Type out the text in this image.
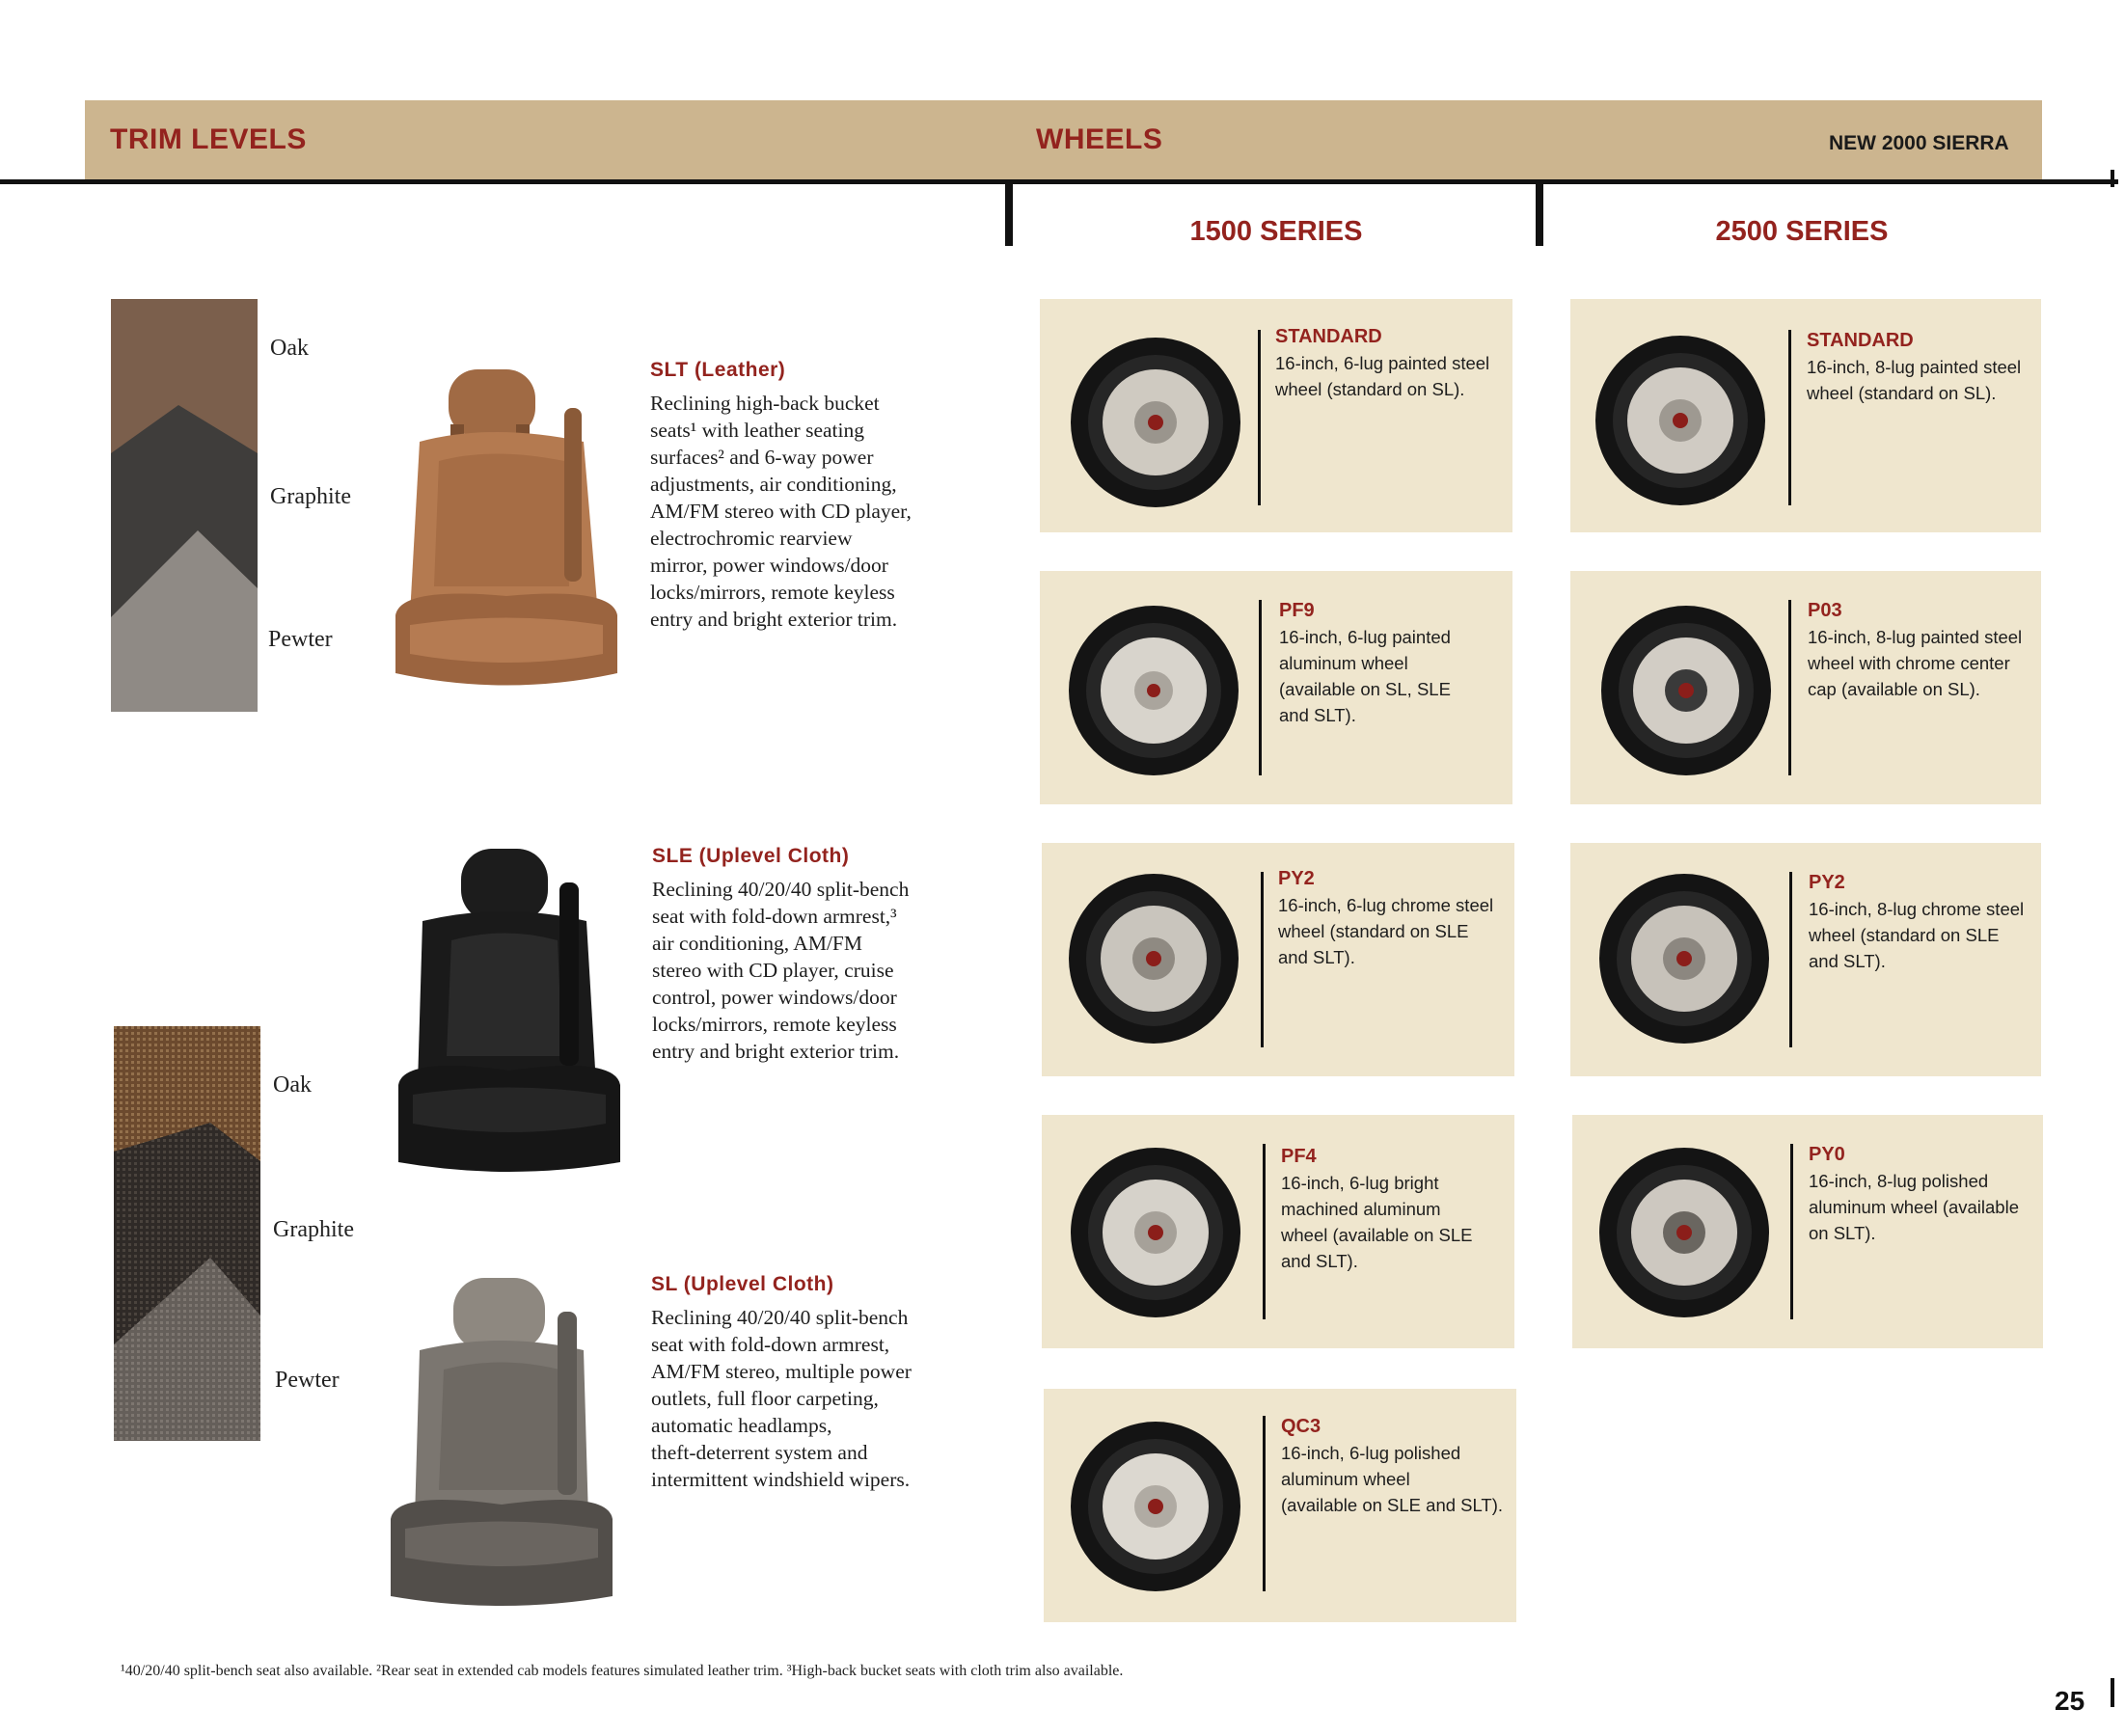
TRIM LEVELS	WHEELS	NEW 2000 SIERRA
1500 SERIES	2500 SERIES
Oak
Graphite
Pewter
Oak
Graphite
Pewter
SLT (Leather)
Reclining high-back bucket
seats¹ with leather seating
surfaces² and 6-way power
adjustments, air conditioning,
AM/FM stereo with CD player,
electrochromic rearview
mirror, power windows/door
locks/mirrors, remote keyless
entry and bright exterior trim.
SLE (Uplevel Cloth)
Reclining 40/20/40 split-bench
seat with fold-down armrest,³
air conditioning, AM/FM
stereo with CD player, cruise
control, power windows/door
locks/mirrors, remote keyless
entry and bright exterior trim.
SL (Uplevel Cloth)
Reclining 40/20/40 split-bench
seat with fold-down armrest,
AM/FM stereo, multiple power
outlets, full floor carpeting,
automatic headlamps,
theft-deterrent system and
intermittent windshield wipers.
STANDARD
16-inch, 6-lug painted steel
wheel (standard on SL).
PF9
16-inch, 6-lug painted
aluminum wheel
(available on SL, SLE
and SLT).
PY2
16-inch, 6-lug chrome steel
wheel (standard on SLE
and SLT).
PF4
16-inch, 6-lug bright
machined aluminum
wheel (available on SLE
and SLT).
QC3
16-inch, 6-lug polished
aluminum wheel
(available on SLE and SLT).
STANDARD
16-inch, 8-lug painted steel
wheel (standard on SL).
P03
16-inch, 8-lug painted steel
wheel with chrome center
cap (available on SL).
PY2
16-inch, 8-lug chrome steel
wheel (standard on SLE
and SLT).
PY0
16-inch, 8-lug polished
aluminum wheel (available
on SLT).
¹40/20/40 split-bench seat also available. ²Rear seat in extended cab models features simulated leather trim. ³High-back bucket seats with cloth trim also available.
25
